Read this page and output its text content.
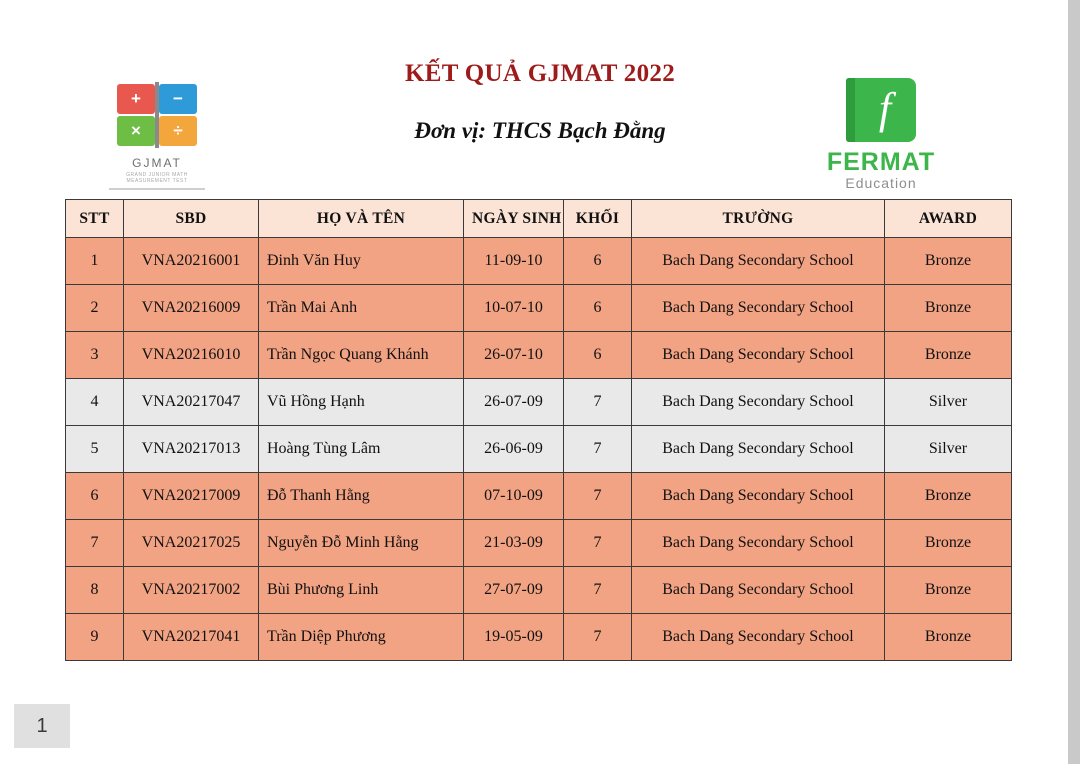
+	−
×	÷
GJMAT
GRAND JUNIOR MATH MEASUREMENT TEST
KẾT QUẢ GJMAT 2022
Đơn vị: THCS Bạch Đằng	f
FERMAT
Education
STT	SBD	HỌ VÀ TÊN	NGÀY SINH	KHỐI	TRƯỜNG	AWARD
1	VNA20216001	Đinh Văn Huy	11-09-10	6	Bach Dang Secondary School	Bronze
2	VNA20216009	Trần Mai Anh	10-07-10	6	Bach Dang Secondary School	Bronze
3	VNA20216010	Trần Ngọc Quang Khánh	26-07-10	6	Bach Dang Secondary School	Bronze
4	VNA20217047	Vũ Hồng Hạnh	26-07-09	7	Bach Dang Secondary School	Silver
5	VNA20217013	Hoàng Tùng Lâm	26-06-09	7	Bach Dang Secondary School	Silver
6	VNA20217009	Đỗ Thanh Hằng	07-10-09	7	Bach Dang Secondary School	Bronze
7	VNA20217025	Nguyễn Đỗ Minh Hằng	21-03-09	7	Bach Dang Secondary School	Bronze
8	VNA20217002	Bùi Phương Linh	27-07-09	7	Bach Dang Secondary School	Bronze
9	VNA20217041	Trần Diệp Phương	19-05-09	7	Bach Dang Secondary School	Bronze
1
